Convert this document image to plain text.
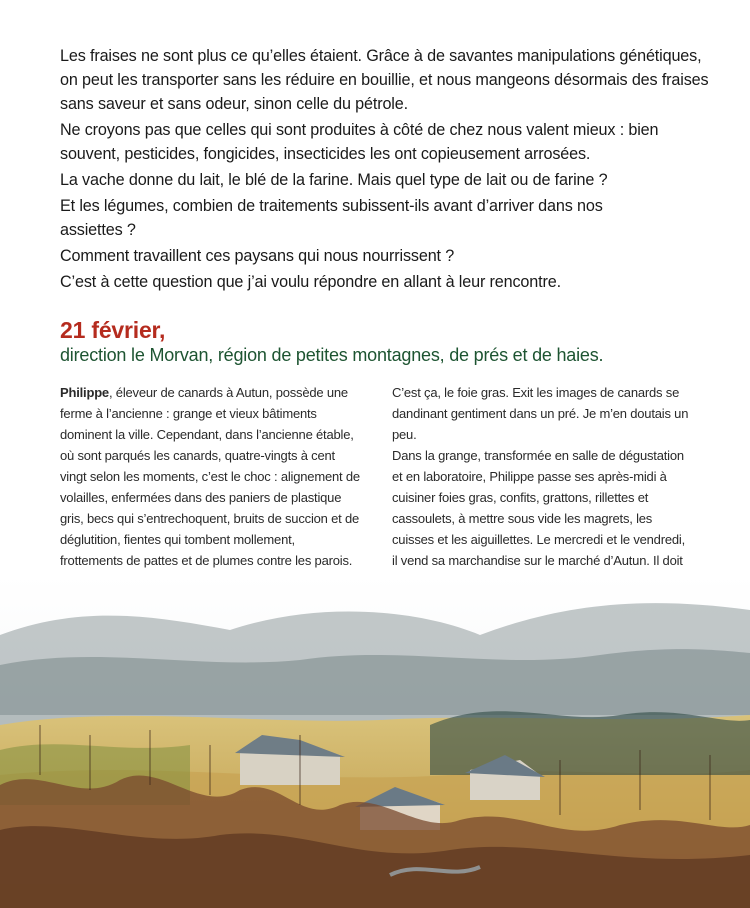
Les fraises ne sont plus ce qu’elles étaient. Grâce à de savantes manipulations génétiques, on peut les transporter sans les réduire en bouillie, et nous mangeons désormais des fraises sans saveur et sans odeur, sinon celle du pétrole.

Ne croyons pas que celles qui sont produites à côté de chez nous valent mieux : bien souvent, pesticides, fongicides, insecticides les ont copieusement arrosées.

La vache donne du lait, le blé de la farine. Mais quel type de lait ou de farine ?

Et les légumes, combien de traitements subissent-ils avant d’arriver dans nos assiettes ?

Comment travaillent ces paysans qui nous nourrissent ?

C’est à cette question que j’ai voulu répondre en allant à leur rencontre.

21 février,
direction le Morvan, région de petites montagnes, de prés et de haies.

Philippe, éleveur de canards à Autun, possède une ferme à l’ancienne : grange et vieux bâtiments dominent la ville. Cependant, dans l’ancienne étable, où sont parqués les canards, quatre-vingts à cent vingt selon les moments, c’est le choc : alignement de volailles, enfermées dans des paniers de plastique gris, becs qui s’entrechoquent, bruits de succion et de déglutition, fientes qui tombent mollement, frottements de pattes et de plumes contre les parois.

C’est ça, le foie gras. Exit les images de canards se dandinant gentiment dans un pré. Je m’en doutais un peu.

Dans la grange, transformée en salle de dégustation et en laboratoire, Philippe passe ses après-midi à cuisiner foies gras, confits, grattons, rillettes et cassoulets, à mettre sous vide les magrets, les cuisses et les aiguillettes. Le mercredi et le vendredi, il vend sa marchandise sur le marché d’Autun. Il doit
